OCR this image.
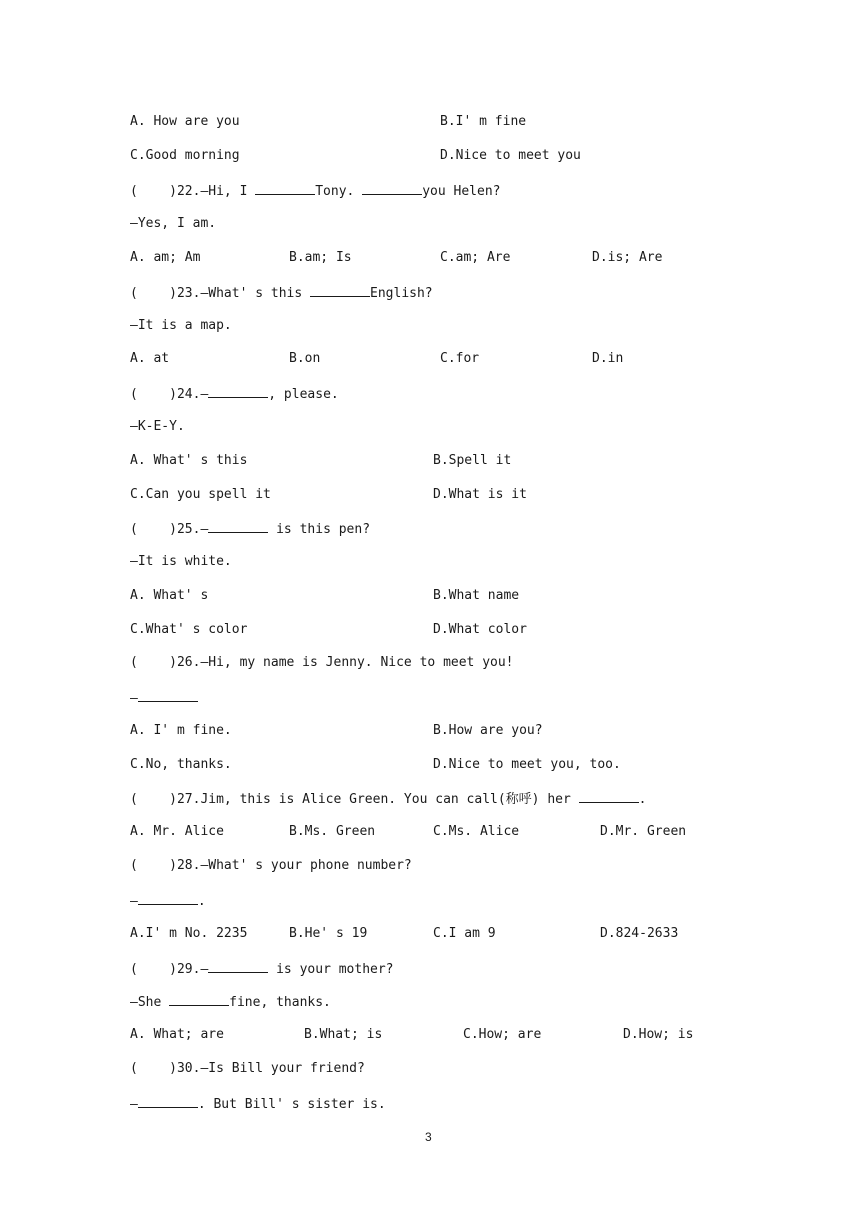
A. How are you	B.I' m fine
C.Good morning	D.Nice to meet you
(    )22.—Hi, I	Tony.	you Helen?
—Yes, I am.
A. am; Am	B.am; Is	C.am; Are	D.is; Are
(    )23.—What' s this	English?
—It is a map.
A. at	B.on	C.for	D.in
(    )24.—	, please.
—K-E-Y.
A. What' s this	B.Spell it
C.Can you spell it	D.What is it
(    )25.—	is this pen?
—It is white.
A. What' s	B.What name
C.What' s color	D.What color
(    )26.—Hi, my name is Jenny. Nice to meet you!
—
A. I' m fine.	B.How are you?
C.No, thanks.	D.Nice to meet you, too.
(    )27.Jim, this is Alice Green. You can call(称呼) her	.
A. Mr. Alice	B.Ms. Green	C.Ms. Alice	D.Mr. Green
(    )28.—What' s your phone number?
—	.
A.I' m No. 2235	B.He' s 19	C.I am 9	D.824-2633
(    )29.—	is your mother?
—She	fine, thanks.
A. What; are	B.What; is	C.How; are	D.How; is
(    )30.—Is Bill your friend?
—	. But Bill' s sister is.
3
